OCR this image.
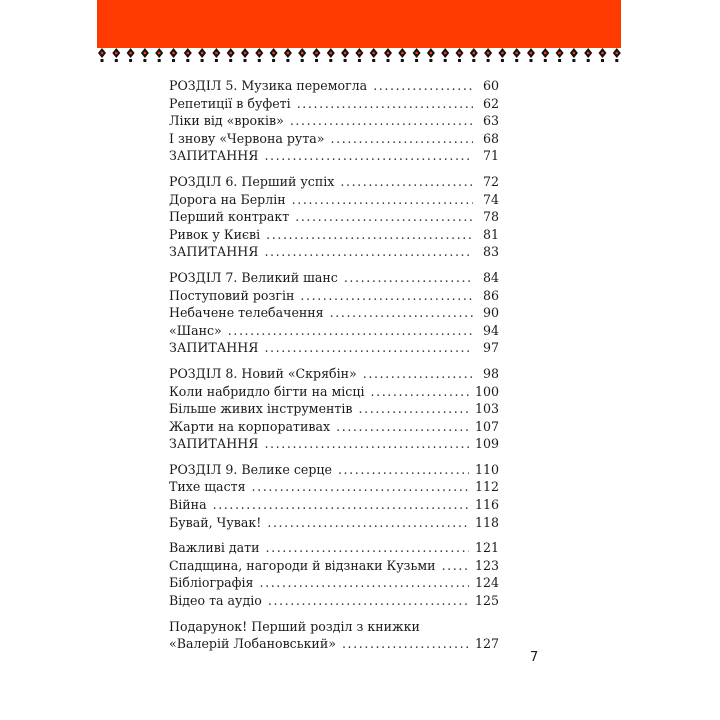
РОЗДІЛ 5. Музика перемогла .....	60
Репетиції в буфеті .....	62
Ліки від «вроків» .....	63
І знову «Червона рута» .....	68
ЗАПИТАННЯ .....	71
РОЗДІЛ 6. Перший успіх .....	72
Дорога на Берлін .....	74
Перший контракт .....	78
Ривок у Києві .....	81
ЗАПИТАННЯ .....	83
РОЗДІЛ 7. Великий шанс .....	84
Поступовий розгін .....	86
Небачене телебачення .....	90
«Шанс» .....	94
ЗАПИТАННЯ .....	97
РОЗДІЛ 8. Новий «Скрябін» .....	98
Коли набридло бігти на місці .....	100
Більше живих інструментів .....	103
Жарти на корпоративах .....	107
ЗАПИТАННЯ .....	109
РОЗДІЛ 9. Велике серце .....	110
Тихе щастя .....	112
Війна .....	116
Бувай, Чувак! .....	118
Важливі дати .....	121
Спадщина, нагороди й відзнаки Кузьми .....	123
Бібліографія .....	124
Відео та аудіо .....	125
Подарунок! Перший розділ з книжки
«Валерій Лобановський» .....	127
7
